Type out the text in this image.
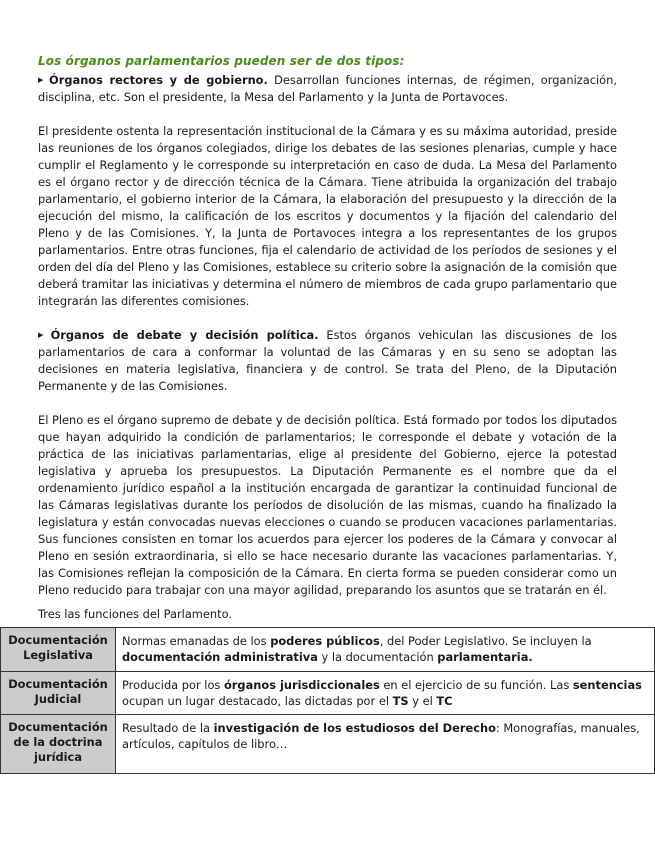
Los órganos parlamentarios pueden ser de dos tipos:
▶ Órganos rectores y de gobierno. Desarrollan funciones internas, de régimen, organización, disciplina, etc. Son el presidente, la Mesa del Parlamento y la Junta de Portavoces.
El presidente ostenta la representación institucional de la Cámara y es su máxima autoridad, preside las reuniones de los órganos colegiados, dirige los debates de las sesiones plenarias, cumple y hace cumplir el Reglamento y le corresponde su interpretación en caso de duda. La Mesa del Parlamento es el órgano rector y de dirección técnica de la Cámara. Tiene atribuida la organización del trabajo parlamentario, el gobierno interior de la Cámara, la elaboración del presupuesto y la dirección de la ejecución del mismo, la calificación de los escritos y documentos y la fijación del calendario del Pleno y de las Comisiones. Y, la Junta de Portavoces integra a los representantes de los grupos parlamentarios. Entre otras funciones, fija el calendario de actividad de los períodos de sesiones y el orden del día del Pleno y las Comisiones, establece su criterio sobre la asignación de la comisión que deberá tramitar las iniciativas y determina el número de miembros de cada grupo parlamentario que integrarán las diferentes comisiones.
▶ Órganos de debate y decisión política. Estos órganos vehiculan las discusiones de los parlamentarios de cara a conformar la voluntad de las Cámaras y en su seno se adoptan las decisiones en materia legislativa, financiera y de control. Se trata del Pleno, de la Diputación Permanente y de las Comisiones.
El Pleno es el órgano supremo de debate y de decisión política. Está formado por todos los diputados que hayan adquirido la condición de parlamentarios; le corresponde el debate y votación de la práctica de las iniciativas parlamentarias, elige al presidente del Gobierno, ejerce la potestad legislativa y aprueba los presupuestos. La Diputación Permanente es el nombre que da el ordenamiento jurídico español a la institución encargada de garantizar la continuidad funcional de las Cámaras legislativas durante los períodos de disolución de las mismas, cuando ha finalizado la legislatura y están convocadas nuevas elecciones o cuando se producen vacaciones parlamentarias. Sus funciones consisten en tomar los acuerdos para ejercer los poderes de la Cámara y convocar al Pleno en sesión extraordinaria, si ello se hace necesario durante las vacaciones parlamentarias. Y, las Comisiones reflejan la composición de la Cámara. En cierta forma se pueden considerar como un Pleno reducido para trabajar con una mayor agilidad, preparando los asuntos que se tratarán en él.
Tres las funciones del Parlamento.
Documentación Legislativa	Normas emanadas de los poderes públicos, del Poder Legislativo. Se incluyen la documentación administrativa y la documentación parlamentaria.
Documentación Judicial	Producida por los órganos jurisdiccionales en el ejercicio de su función. Las sentencias ocupan un lugar destacado, las dictadas por el TS y el TC
Documentación de la doctrina jurídica	Resultado de la investigación de los estudiosos del Derecho: Monografías, manuales, artículos, capítulos de libro…
